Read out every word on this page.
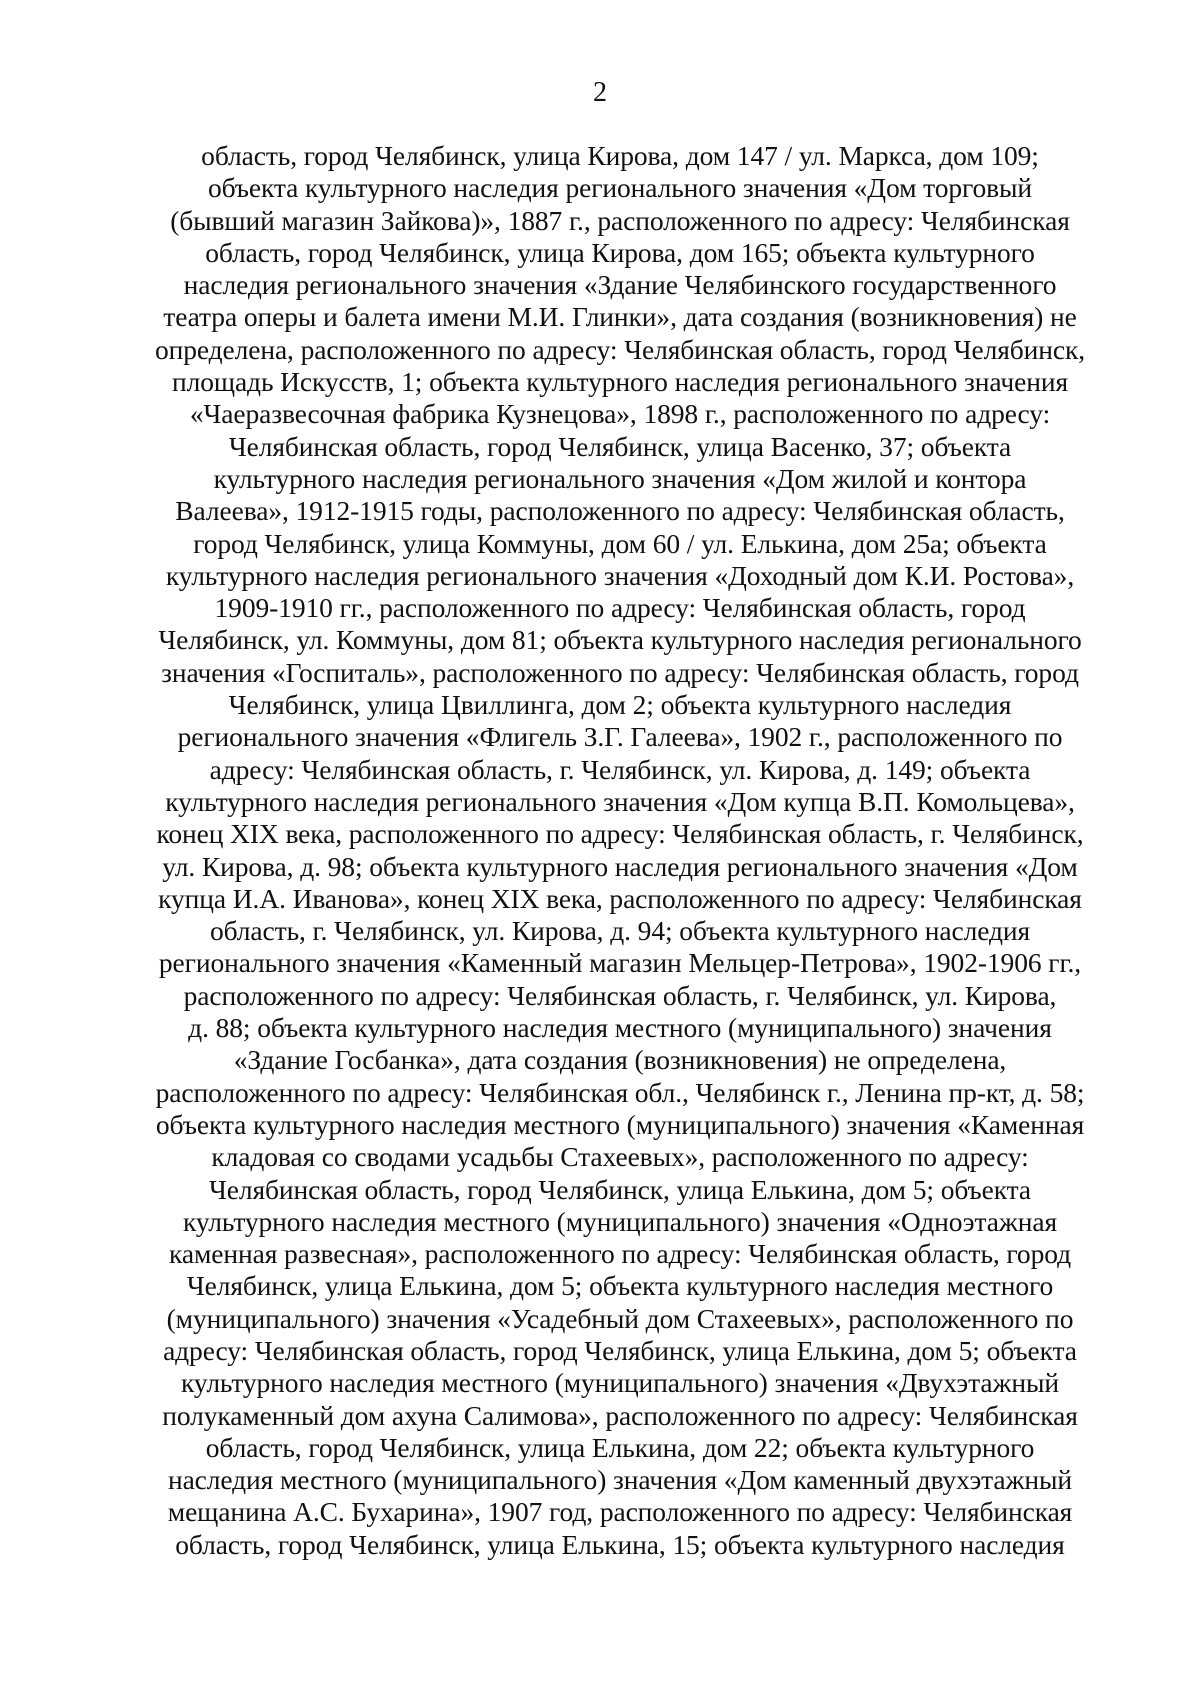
2
область, город Челябинск, улица Кирова, дом 147 / ул. Маркса, дом 109;
объекта культурного наследия регионального значения «Дом торговый
(бывший магазин Зайкова)», 1887 г., расположенного по адресу: Челябинская
область, город Челябинск, улица Кирова, дом 165; объекта культурного
наследия регионального значения «Здание Челябинского государственного
театра оперы и балета имени М.И. Глинки», дата создания (возникновения) не
определена, расположенного по адресу: Челябинская область, город Челябинск,
площадь Искусств, 1; объекта культурного наследия регионального значения
«Чаеразвесочная фабрика Кузнецова», 1898 г., расположенного по адресу:
Челябинская область, город Челябинск, улица Васенко, 37; объекта
культурного наследия регионального значения «Дом жилой и контора
Валеева», 1912-1915 годы, расположенного по адресу: Челябинская область,
город Челябинск, улица Коммуны, дом 60 / ул. Елькина, дом 25а; объекта
культурного наследия регионального значения «Доходный дом К.И. Ростова»,
1909-1910 гг., расположенного по адресу: Челябинская область, город
Челябинск, ул. Коммуны, дом 81; объекта культурного наследия регионального
значения «Госпиталь», расположенного по адресу: Челябинская область, город
Челябинск, улица Цвиллинга, дом 2; объекта культурного наследия
регионального значения «Флигель З.Г. Галеева», 1902 г., расположенного по
адресу: Челябинская область, г. Челябинск, ул. Кирова, д. 149; объекта
культурного наследия регионального значения «Дом купца В.П. Комольцева»,
конец XIX века, расположенного по адресу: Челябинская область, г. Челябинск,
ул. Кирова, д. 98; объекта культурного наследия регионального значения «Дом
купца И.А. Иванова», конец XIX века, расположенного по адресу: Челябинская
область, г. Челябинск, ул. Кирова, д. 94; объекта культурного наследия
регионального значения «Каменный магазин Мельцер-Петрова», 1902-1906 гг.,
расположенного по адресу: Челябинская область, г. Челябинск, ул. Кирова,
д. 88; объекта культурного наследия местного (муниципального) значения
«Здание Госбанка», дата создания (возникновения) не определена,
расположенного по адресу: Челябинская обл., Челябинск г., Ленина пр-кт, д. 58;
объекта культурного наследия местного (муниципального) значения «Каменная
кладовая со сводами усадьбы Стахеевых», расположенного по адресу:
Челябинская область, город Челябинск, улица Елькина, дом 5; объекта
культурного наследия местного (муниципального) значения «Одноэтажная
каменная развесная», расположенного по адресу: Челябинская область, город
Челябинск, улица Елькина, дом 5; объекта культурного наследия местного
(муниципального) значения «Усадебный дом Стахеевых», расположенного по
адресу: Челябинская область, город Челябинск, улица Елькина, дом 5; объекта
культурного наследия местного (муниципального) значения «Двухэтажный
полукаменный дом ахуна Салимова», расположенного по адресу: Челябинская
область, город Челябинск, улица Елькина, дом 22; объекта культурного
наследия местного (муниципального) значения «Дом каменный двухэтажный
мещанина А.С. Бухарина», 1907 год, расположенного по адресу: Челябинская
область, город Челябинск, улица Елькина, 15; объекта культурного наследия
